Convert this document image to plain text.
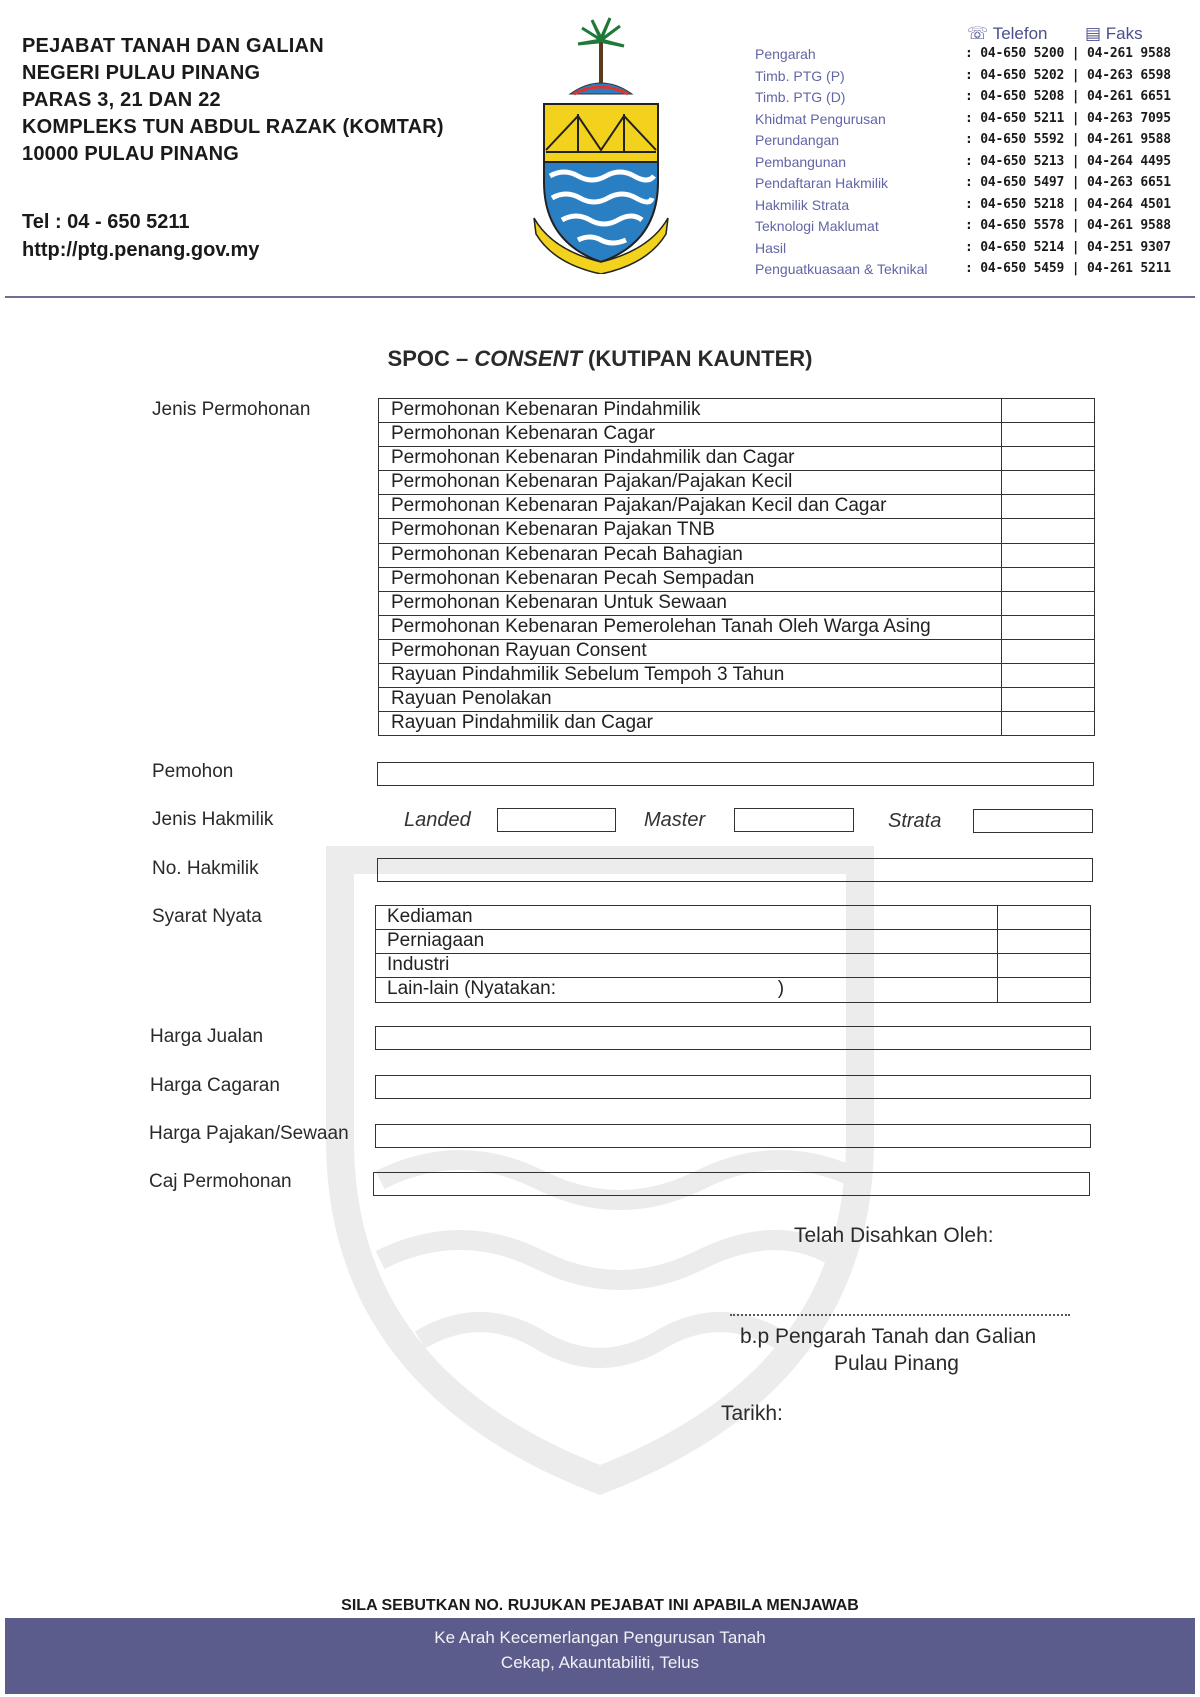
PEJABAT TANAH DAN GALIAN
NEGERI PULAU PINANG
PARAS 3, 21 DAN 22
KOMPLEKS TUN ABDUL RAZAK (KOMTAR)
10000 PULAU PINANG
Tel : 04 - 650 5211
http://ptg.penang.gov.my
☏ Telefon ▤ Faks
Pengarah	: 04-650 5200 | 04-261 9588
Timb. PTG (P)	: 04-650 5202 | 04-263 6598
Timb. PTG (D)	: 04-650 5208 | 04-261 6651
Khidmat Pengurusan	: 04-650 5211 | 04-263 7095
Perundangan	: 04-650 5592 | 04-261 9588
Pembangunan	: 04-650 5213 | 04-264 4495
Pendaftaran Hakmilik	: 04-650 5497 | 04-263 6651
Hakmilik Strata	: 04-650 5218 | 04-264 4501
Teknologi Maklumat	: 04-650 5578 | 04-261 9588
Hasil	: 04-650 5214 | 04-251 9307
Penguatkuasaan & Teknikal	: 04-650 5459 | 04-261 5211
SPOC – CONSENT (KUTIPAN KAUNTER)
Jenis Permohonan	Permohonan Kebenaran Pindahmilik
Permohonan Kebenaran Cagar
Permohonan Kebenaran Pindahmilik dan Cagar
Permohonan Kebenaran Pajakan/Pajakan Kecil
Permohonan Kebenaran Pajakan/Pajakan Kecil dan Cagar
Permohonan Kebenaran Pajakan TNB
Permohonan Kebenaran Pecah Bahagian
Permohonan Kebenaran Pecah Sempadan
Permohonan Kebenaran Untuk Sewaan
Permohonan Kebenaran Pemerolehan Tanah Oleh Warga Asing
Permohonan Rayuan Consent
Rayuan Pindahmilik Sebelum Tempoh 3 Tahun
Rayuan Penolakan
Rayuan Pindahmilik dan Cagar
Pemohon
Jenis Hakmilik	Landed	Master	Strata
No. Hakmilik
Syarat Nyata	Kediaman
Perniagaan
Industri
Lain-lain (Nyatakan:                                          )
Harga Jualan
Harga Cagaran
Harga Pajakan/Sewaan
Caj Permohonan
Telah Disahkan Oleh:
b.p Pengarah Tanah dan Galian
Pulau Pinang
Tarikh:
SILA SEBUTKAN NO. RUJUKAN PEJABAT INI APABILA MENJAWAB
Ke Arah Kecemerlangan Pengurusan Tanah
Cekap, Akauntabiliti, Telus
